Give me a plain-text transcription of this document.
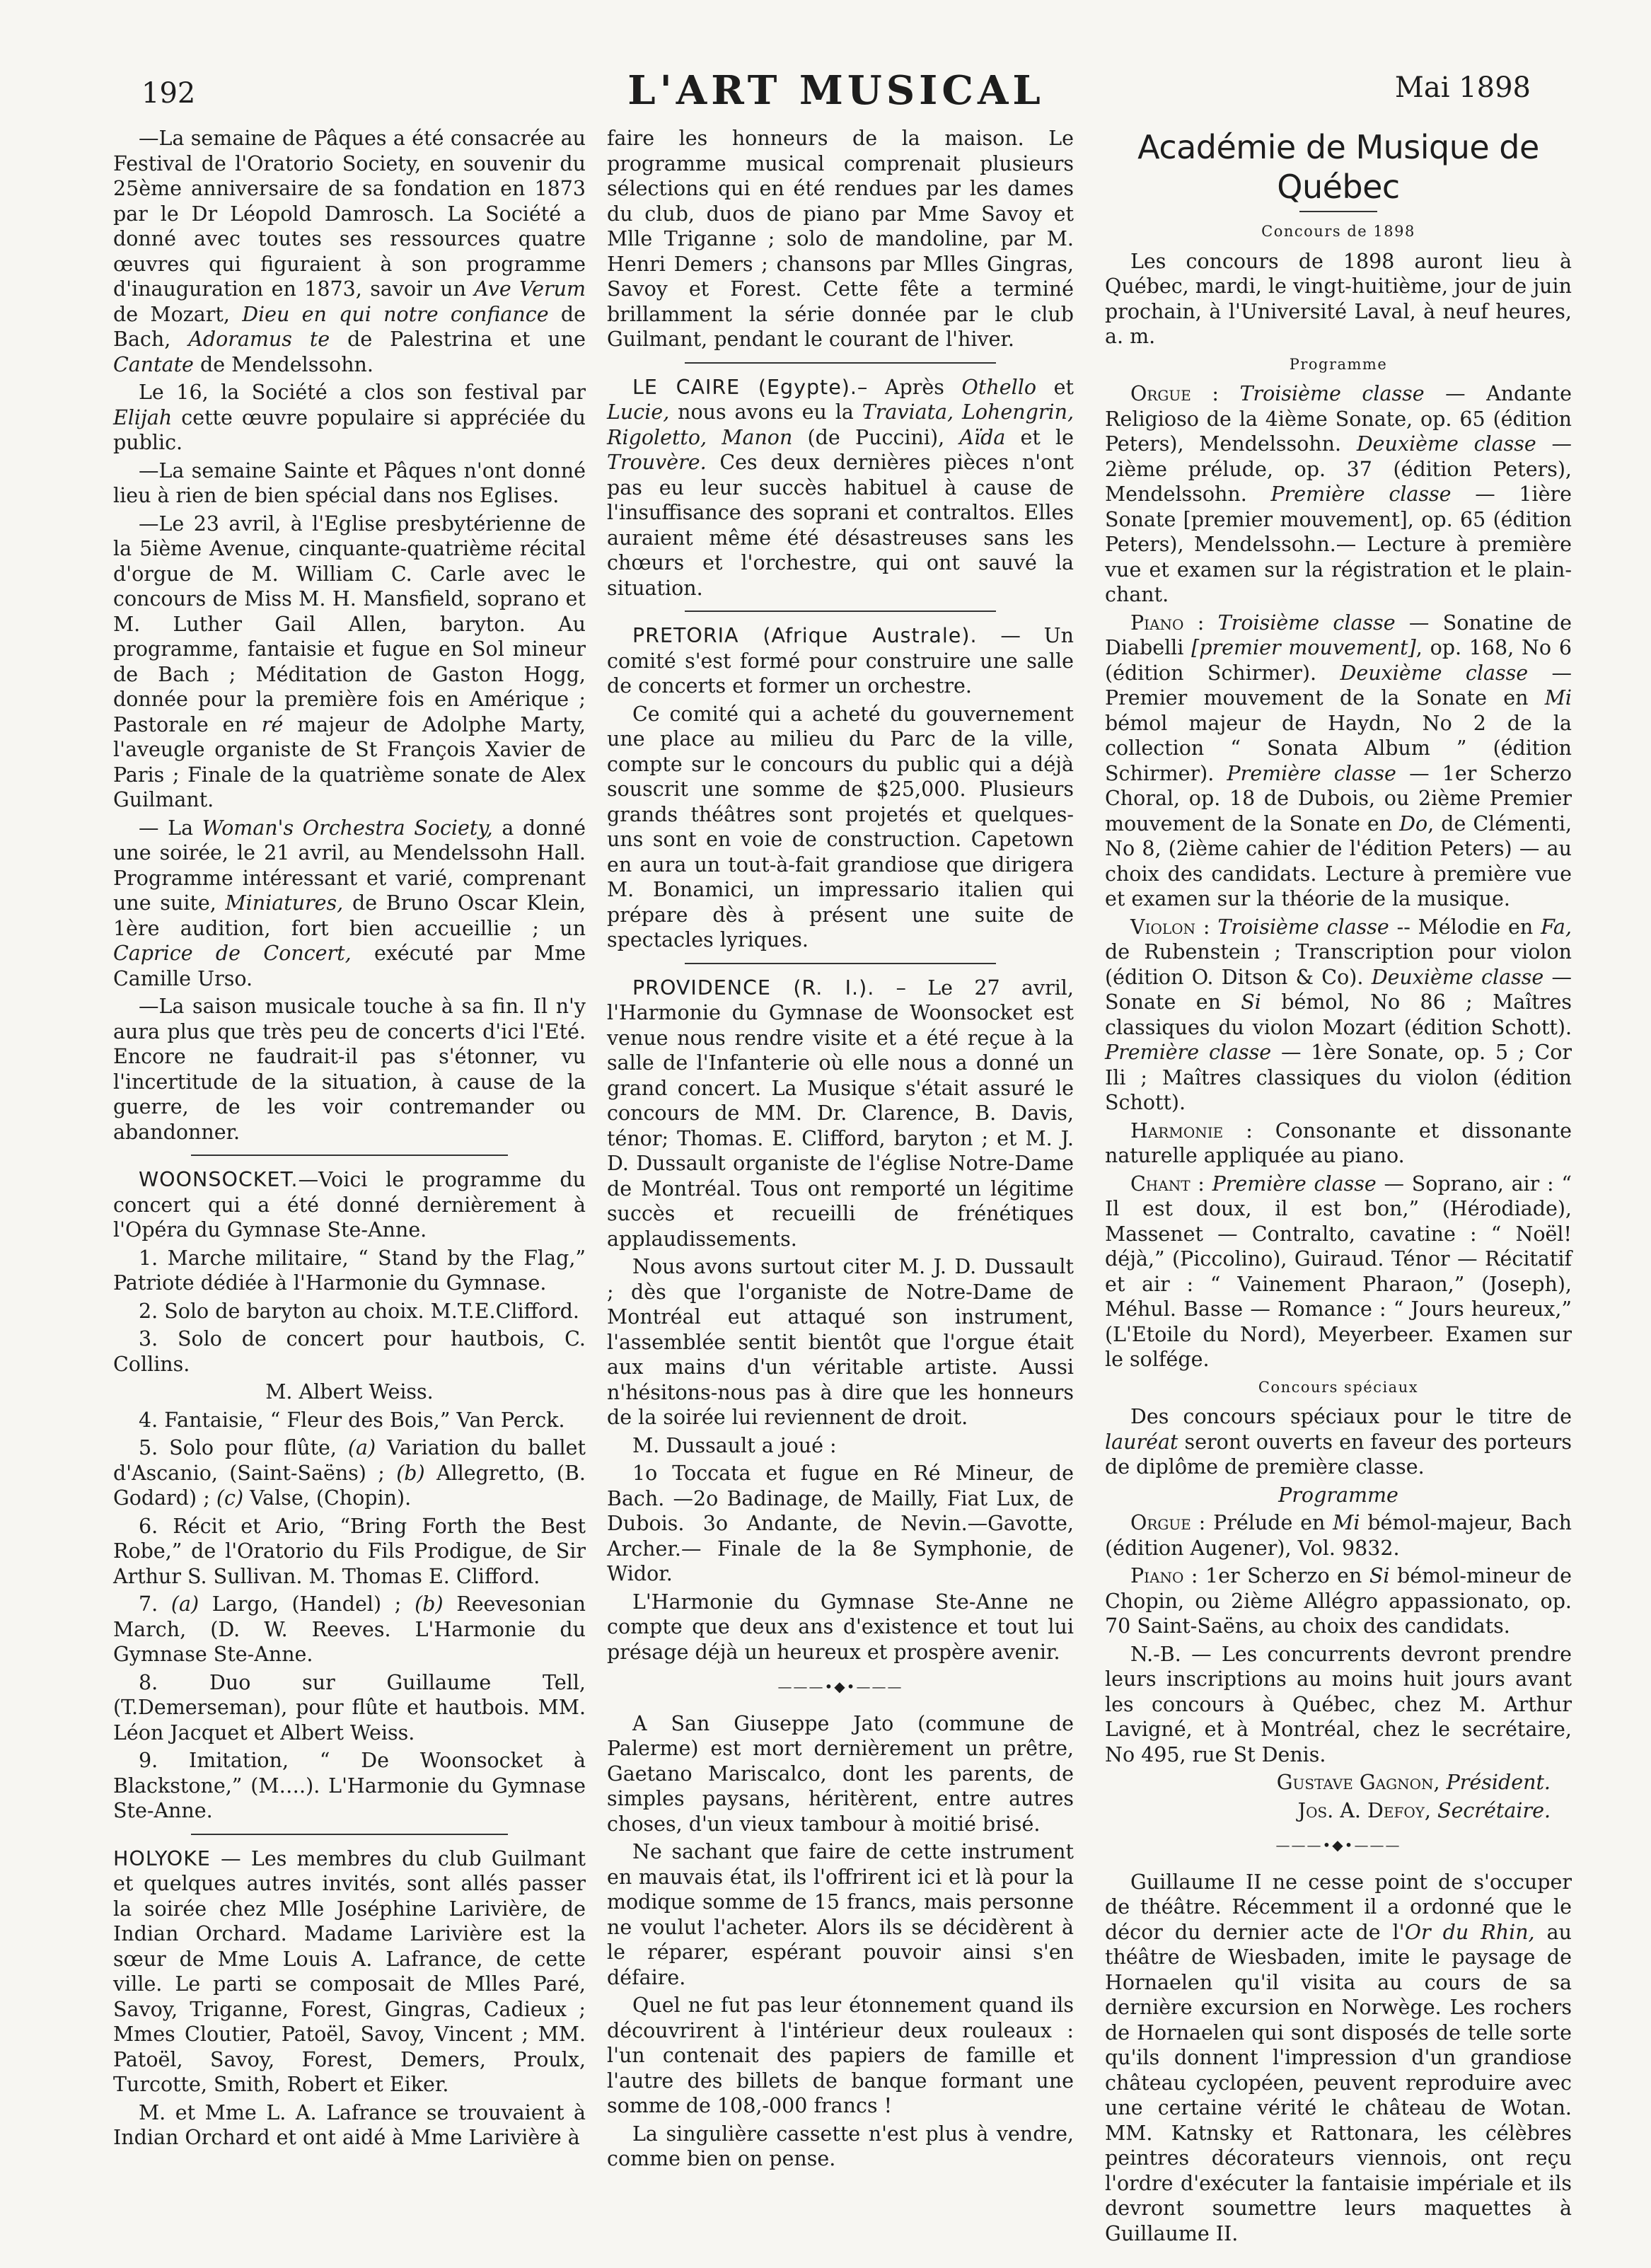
192	L'ART MUSICAL	Mai 1898

—La semaine de Pâques a été consacrée au Festival de l'Oratorio Society, en souvenir du 25ème anniversaire de sa fondation en 1873 par le Dr Léopold Damrosch. La Société a donné avec toutes ses ressources quatre œuvres qui figuraient à son programme d'inauguration en 1873, savoir un Ave Verum de Mozart, Dieu en qui notre confiance de Bach, Adoramus te de Palestrina et une Cantate de Mendelssohn.

Le 16, la Société a clos son festival par Elijah cette œuvre populaire si appréciée du public.

—La semaine Sainte et Pâques n'ont donné lieu à rien de bien spécial dans nos Eglises.

—Le 23 avril, à l'Eglise presbytérienne de la 5ième Avenue, cinquante-quatrième récital d'orgue de M. William C. Carle avec le concours de Miss M. H. Mansfield, soprano et M. Luther Gail Allen, baryton. Au programme, fantaisie et fugue en Sol mineur de Bach ; Méditation de Gaston Hogg, donnée pour la première fois en Amérique ; Pastorale en ré majeur de Adolphe Marty, l'aveugle organiste de St François Xavier de Paris ; Finale de la quatrième sonate de Alex Guilmant.

— La Woman's Orchestra Society, a donné une soirée, le 21 avril, au Mendelssohn Hall. Programme intéressant et varié, comprenant une suite, Miniatures, de Bruno Oscar Klein, 1ère audition, fort bien accueillie ; un Caprice de Concert, exécuté par Mme Camille Urso.

—La saison musicale touche à sa fin. Il n'y aura plus que très peu de concerts d'ici l'Eté. Encore ne faudrait-il pas s'étonner, vu l'incertitude de la situation, à cause de la guerre, de les voir contremander ou abandonner.

WOONSOCKET.—Voici le programme du concert qui a été donné dernièrement à l'Opéra du Gymnase Ste-Anne.

1. Marche militaire, “ Stand by the Flag,” Patriote dédiée à l'Harmonie du Gymnase.

2. Solo de baryton au choix. M.T.E.Clifford.

3. Solo de concert pour hautbois, C. Collins.

M. Albert Weiss.

4. Fantaisie, “ Fleur des Bois,” Van Perck.

5. Solo pour flûte, (a) Variation du ballet d'Ascanio, (Saint-Saëns) ; (b) Allegretto, (B. Godard) ; (c) Valse, (Chopin).

6. Récit et Ario, “Bring Forth the Best Robe,” de l'Oratorio du Fils Prodigue, de Sir Arthur S. Sullivan. M. Thomas E. Clifford.

7. (a) Largo, (Handel) ; (b) Reevesonian March, (D. W. Reeves. L'Harmonie du Gymnase Ste-Anne.

8. Duo sur Guillaume Tell, (T.Demerseman), pour flûte et hautbois. MM. Léon Jacquet et Albert Weiss.

9. Imitation, “ De Woonsocket à Blackstone,” (M….). L'Harmonie du Gymnase Ste-Anne.

HOLYOKE — Les membres du club Guilmant et quelques autres invités, sont allés passer la soirée chez Mlle Joséphine Larivière, de Indian Orchard. Madame Larivière est la sœur de Mme Louis A. Lafrance, de cette ville. Le parti se composait de Mlles Paré, Savoy, Triganne, Forest, Gingras, Cadieux ; Mmes Cloutier, Patoël, Savoy, Vincent ; MM. Patoël, Savoy, Forest, Demers, Proulx, Turcotte, Smith, Robert et Eiker.

M. et Mme L. A. Lafrance se trouvaient à Indian Orchard et ont aidé à Mme Larivière à

faire les honneurs de la maison. Le programme musical comprenait plusieurs sélections qui en été rendues par les dames du club, duos de piano par Mme Savoy et Mlle Triganne ; solo de mandoline, par M. Henri Demers ; chansons par Mlles Gingras, Savoy et Forest. Cette fête a terminé brillamment la série donnée par le club Guilmant, pendant le courant de l'hiver.

LE CAIRE (Egypte).– Après Othello et Lucie, nous avons eu la Traviata, Lohengrin, Rigoletto, Manon (de Puccini), Aïda et le Trouvère. Ces deux dernières pièces n'ont pas eu leur succès habituel à cause de l'insuffisance des soprani et contraltos. Elles auraient même été désastreuses sans les chœurs et l'orchestre, qui ont sauvé la situation.

PRETORIA (Afrique Australe). — Un comité s'est formé pour construire une salle de concerts et former un orchestre.

Ce comité qui a acheté du gouvernement une place au milieu du Parc de la ville, compte sur le concours du public qui a déjà souscrit une somme de $25,000. Plusieurs grands théâtres sont projetés et quelques-uns sont en voie de construction. Capetown en aura un tout-à-fait grandiose que dirigera M. Bonamici, un impressario italien qui prépare dès à présent une suite de spectacles lyriques.

PROVIDENCE (R. I.). – Le 27 avril, l'Harmonie du Gymnase de Woonsocket est venue nous rendre visite et a été reçue à la salle de l'Infanterie où elle nous a donné un grand concert. La Musique s'était assuré le concours de MM. Dr. Clarence, B. Davis, ténor; Thomas. E. Clifford, baryton ; et M. J. D. Dussault organiste de l'église Notre-Dame de Montréal. Tous ont remporté un légitime succès et recueilli de frénétiques applaudissements.

Nous avons surtout citer M. J. D. Dussault ; dès que l'organiste de Notre-Dame de Montréal eut attaqué son instrument, l'assemblée sentit bientôt que l'orgue était aux mains d'un véritable artiste. Aussi n'hésitons-nous pas à dire que les honneurs de la soirée lui reviennent de droit.

M. Dussault a joué :

1o Toccata et fugue en Ré Mineur, de Bach. —2o Badinage, de Mailly, Fiat Lux, de Dubois. 3o Andante, de Nevin.—Gavotte, Archer.— Finale de la 8e Symphonie, de Widor.

L'Harmonie du Gymnase Ste-Anne ne compte que deux ans d'existence et tout lui présage déjà un heureux et prospère avenir.

———•◆•———

A San Giuseppe Jato (commune de Palerme) est mort dernièrement un prêtre, Gaetano Mariscalco, dont les parents, de simples paysans, héritèrent, entre autres choses, d'un vieux tambour à moitié brisé.

Ne sachant que faire de cette instrument en mauvais état, ils l'offrirent ici et là pour la modique somme de 15 francs, mais personne ne voulut l'acheter. Alors ils se décidèrent à le réparer, espérant pouvoir ainsi s'en défaire.

Quel ne fut pas leur étonnement quand ils découvrirent à l'intérieur deux rouleaux : l'un contenait des papiers de famille et l'autre des billets de banque formant une somme de 108,-000 francs !

La singulière cassette n'est plus à vendre, comme bien on pense.

Académie de Musique de Québec
Concours de 1898

Les concours de 1898 auront lieu à Québec, mardi, le vingt-huitième, jour de juin prochain, à l'Université Laval, à neuf heures, a. m.

Programme

Orgue : Troisième classe — Andante Religioso de la 4ième Sonate, op. 65 (édition Peters), Mendelssohn. Deuxième classe — 2ième prélude, op. 37 (édition Peters), Mendelssohn. Première classe — 1ière Sonate [premier mouvement], op. 65 (édition Peters), Mendelssohn.— Lecture à première vue et examen sur la régistration et le plain-chant.

Piano : Troisième classe — Sonatine de Diabelli [premier mouvement], op. 168, No 6 (édition Schirmer). Deuxième classe — Premier mouvement de la Sonate en Mi bémol majeur de Haydn, No 2 de la collection “ Sonata Album ” (édition Schirmer). Première classe — 1er Scherzo Choral, op. 18 de Dubois, ou 2ième Premier mouvement de la Sonate en Do, de Clémenti, No 8, (2ième cahier de l'édition Peters) — au choix des candidats. Lecture à première vue et examen sur la théorie de la musique.

Violon : Troisième classe -- Mélodie en Fa, de Rubenstein ; Transcription pour violon (édition O. Ditson & Co). Deuxième classe — Sonate en Si bémol, No 86 ; Maîtres classiques du violon Mozart (édition Schott). Première classe — 1ère Sonate, op. 5 ; Cor Ili ; Maîtres classiques du violon (édition Schott).

Harmonie : Consonante et dissonante naturelle appliquée au piano.

Chant : Première classe — Soprano, air : “ Il est doux, il est bon,” (Hérodiade), Massenet — Contralto, cavatine : “ Noël! déjà,” (Piccolino), Guiraud. Ténor — Récitatif et air : “ Vainement Pharaon,” (Joseph), Méhul. Basse — Romance : “ Jours heureux,” (L'Etoile du Nord), Meyerbeer. Examen sur le solfége.

Concours spéciaux

Des concours spéciaux pour le titre de lauréat seront ouverts en faveur des porteurs de diplôme de première classe.

Programme

Orgue : Prélude en Mi bémol-majeur, Bach (édition Augener), Vol. 9832.

Piano : 1er Scherzo en Si bémol-mineur de Chopin, ou 2ième Allégro appassionato, op. 70 Saint-Saëns, au choix des candidats.

N.-B. — Les concurrents devront prendre leurs inscriptions au moins huit jours avant les concours à Québec, chez M. Arthur Lavigné, et à Montréal, chez le secrétaire, No 495, rue St Denis.

Gustave Gagnon, Président.

Jos. A. Defoy, Secrétaire.

———•◆•———

Guillaume II ne cesse point de s'occuper de théâtre. Récemment il a ordonné que le décor du dernier acte de l'Or du Rhin, au théâtre de Wiesbaden, imite le paysage de Hornaelen qu'il visita au cours de sa dernière excursion en Norwège. Les rochers de Hornaelen qui sont disposés de telle sorte qu'ils donnent l'impression d'un grandiose château cyclopéen, peuvent reproduire avec une certaine vérité le château de Wotan. MM. Katnsky et Rattonara, les célèbres peintres décorateurs viennois, ont reçu l'ordre d'exécuter la fantaisie impériale et ils devront soumettre leurs maquettes à Guillaume II.
